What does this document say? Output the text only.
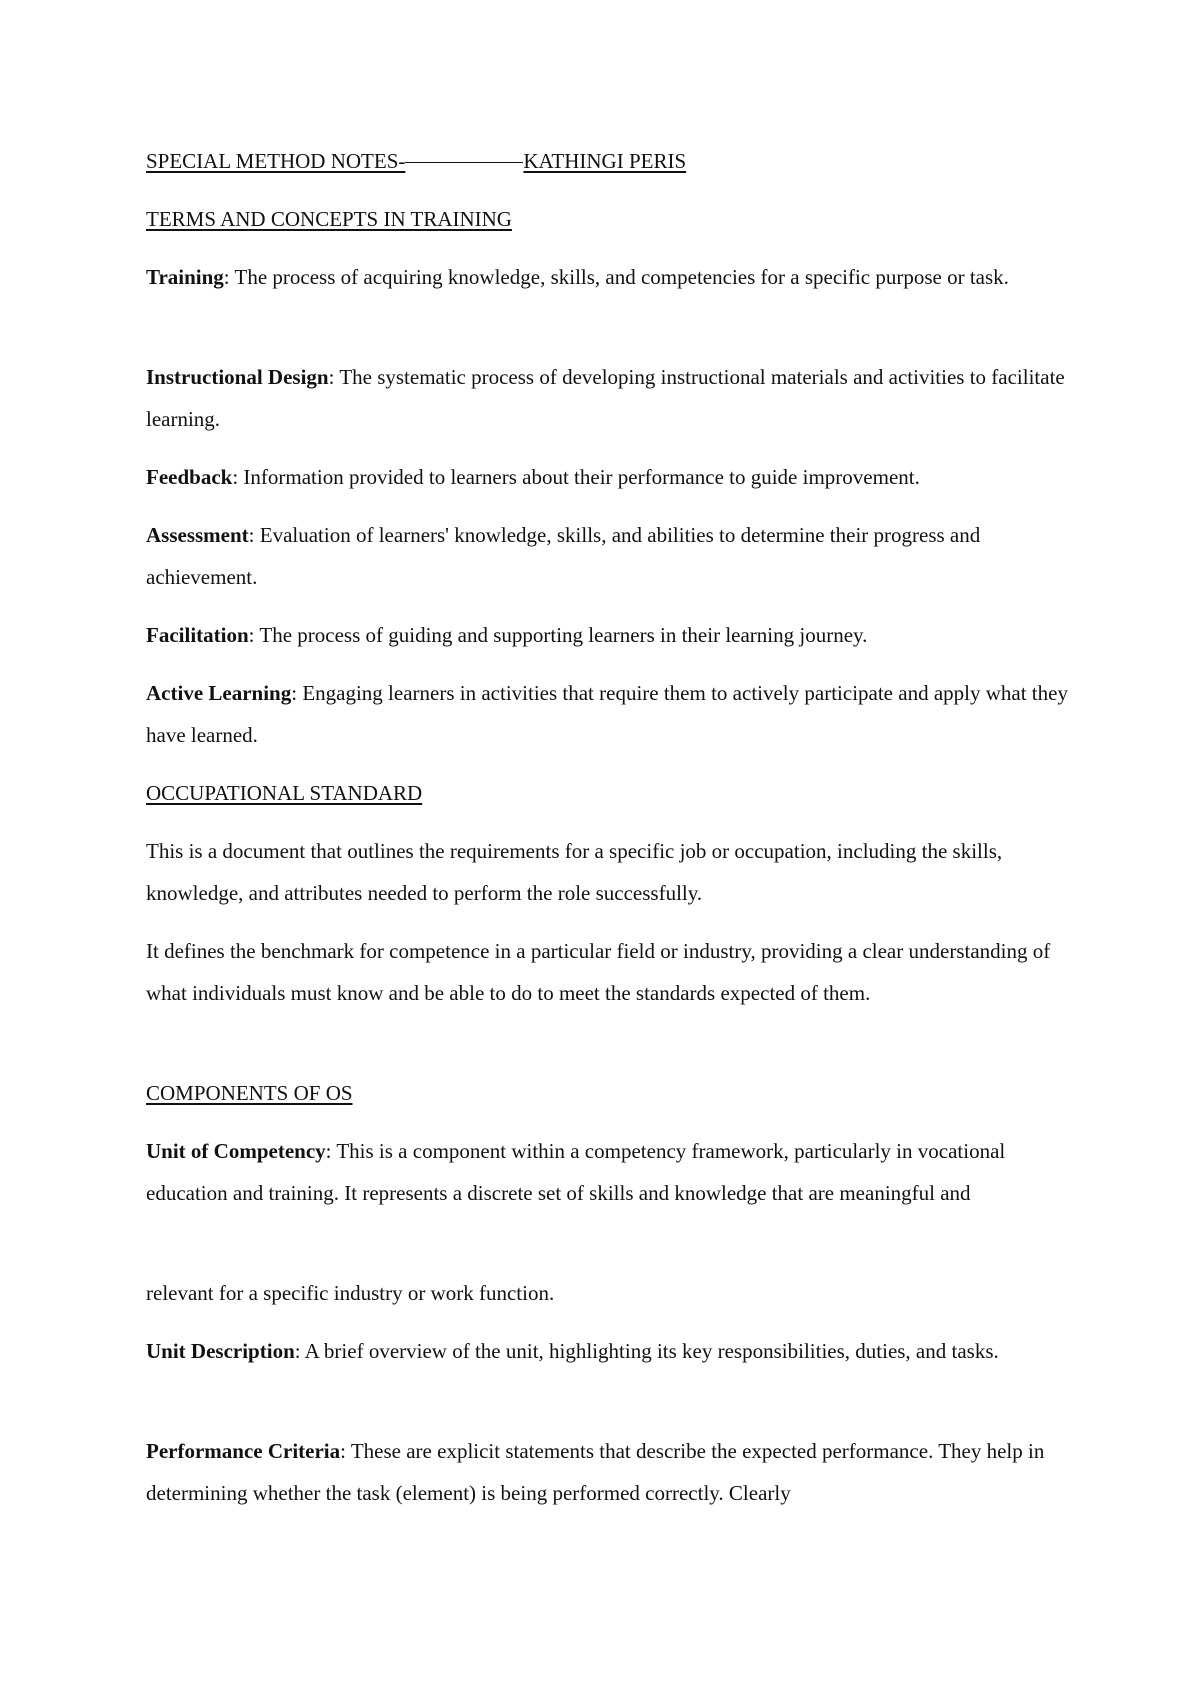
SPECIAL METHOD NOTES-	KATHINGI PERIS
TERMS AND CONCEPTS IN TRAINING
Training: The process of acquiring knowledge, skills, and competencies for a specific purpose or task.
Instructional Design: The systematic process of developing instructional materials and activities to facilitate learning.
Feedback: Information provided to learners about their performance to guide improvement.
Assessment: Evaluation of learners' knowledge, skills, and abilities to determine their progress and achievement.
Facilitation: The process of guiding and supporting learners in their learning journey.
Active Learning: Engaging learners in activities that require them to actively participate and apply what they have learned.
OCCUPATIONAL STANDARD
This is a document that outlines the requirements for a specific job or occupation, including the skills, knowledge, and attributes needed to perform the role successfully.
It defines the benchmark for competence in a particular field or industry, providing a clear understanding of what individuals must know and be able to do to meet the standards expected of them.
COMPONENTS OF OS
Unit of Competency: This is a component within a competency framework, particularly in vocational education and training. It represents a discrete set of skills and knowledge that are meaningful and
relevant for a specific industry or work function.
Unit Description: A brief overview of the unit, highlighting its key responsibilities, duties, and tasks.
Performance Criteria: These are explicit statements that describe the expected performance. They help in determining whether the task (element) is being performed correctly. Clearly
